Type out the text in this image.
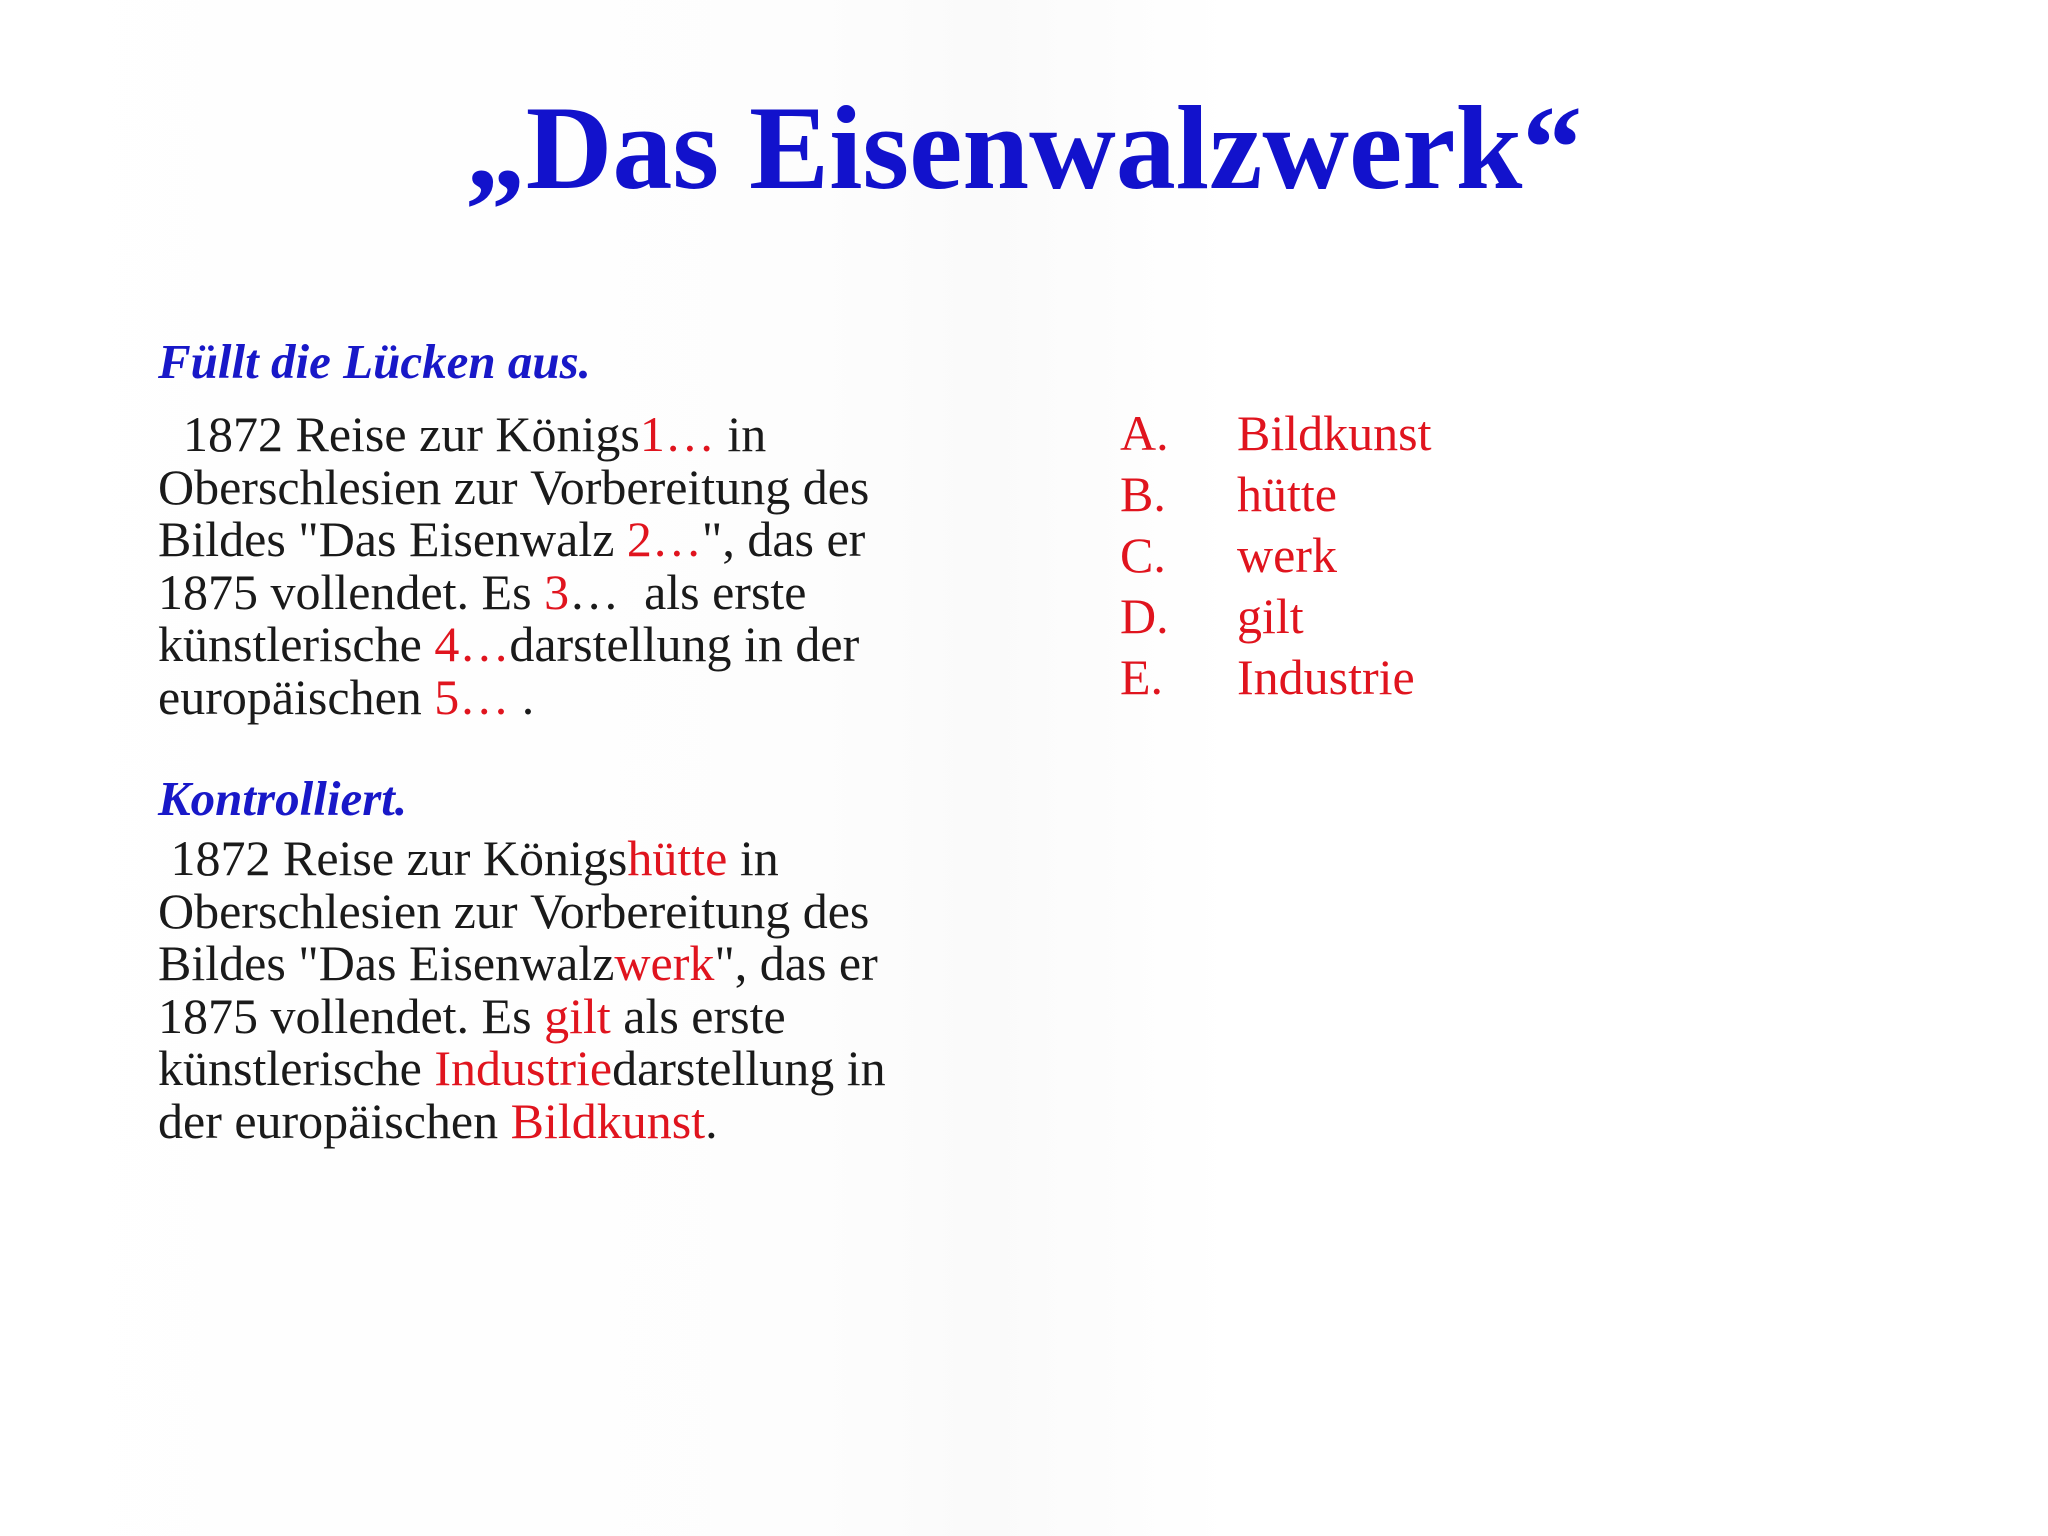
„Das Eisenwalzwerk“
Füllt die Lücken aus.
1872 Reise zur Königs1… in
Oberschlesien zur Vorbereitung des
Bildes "Das Eisenwalz 2…", das er
1875 vollendet. Es 3…  als erste
künstlerische 4…darstellung in der
europäischen 5… .
Kontrolliert.
1872 Reise zur Königshütte in
Oberschlesien zur Vorbereitung des
Bildes "Das Eisenwalzwerk", das er
1875 vollendet. Es gilt als erste
künstlerische Industriedarstellung in
der europäischen Bildkunst.
A. Bildkunst
B. hütte
C. werk
D. gilt
E. Industrie
